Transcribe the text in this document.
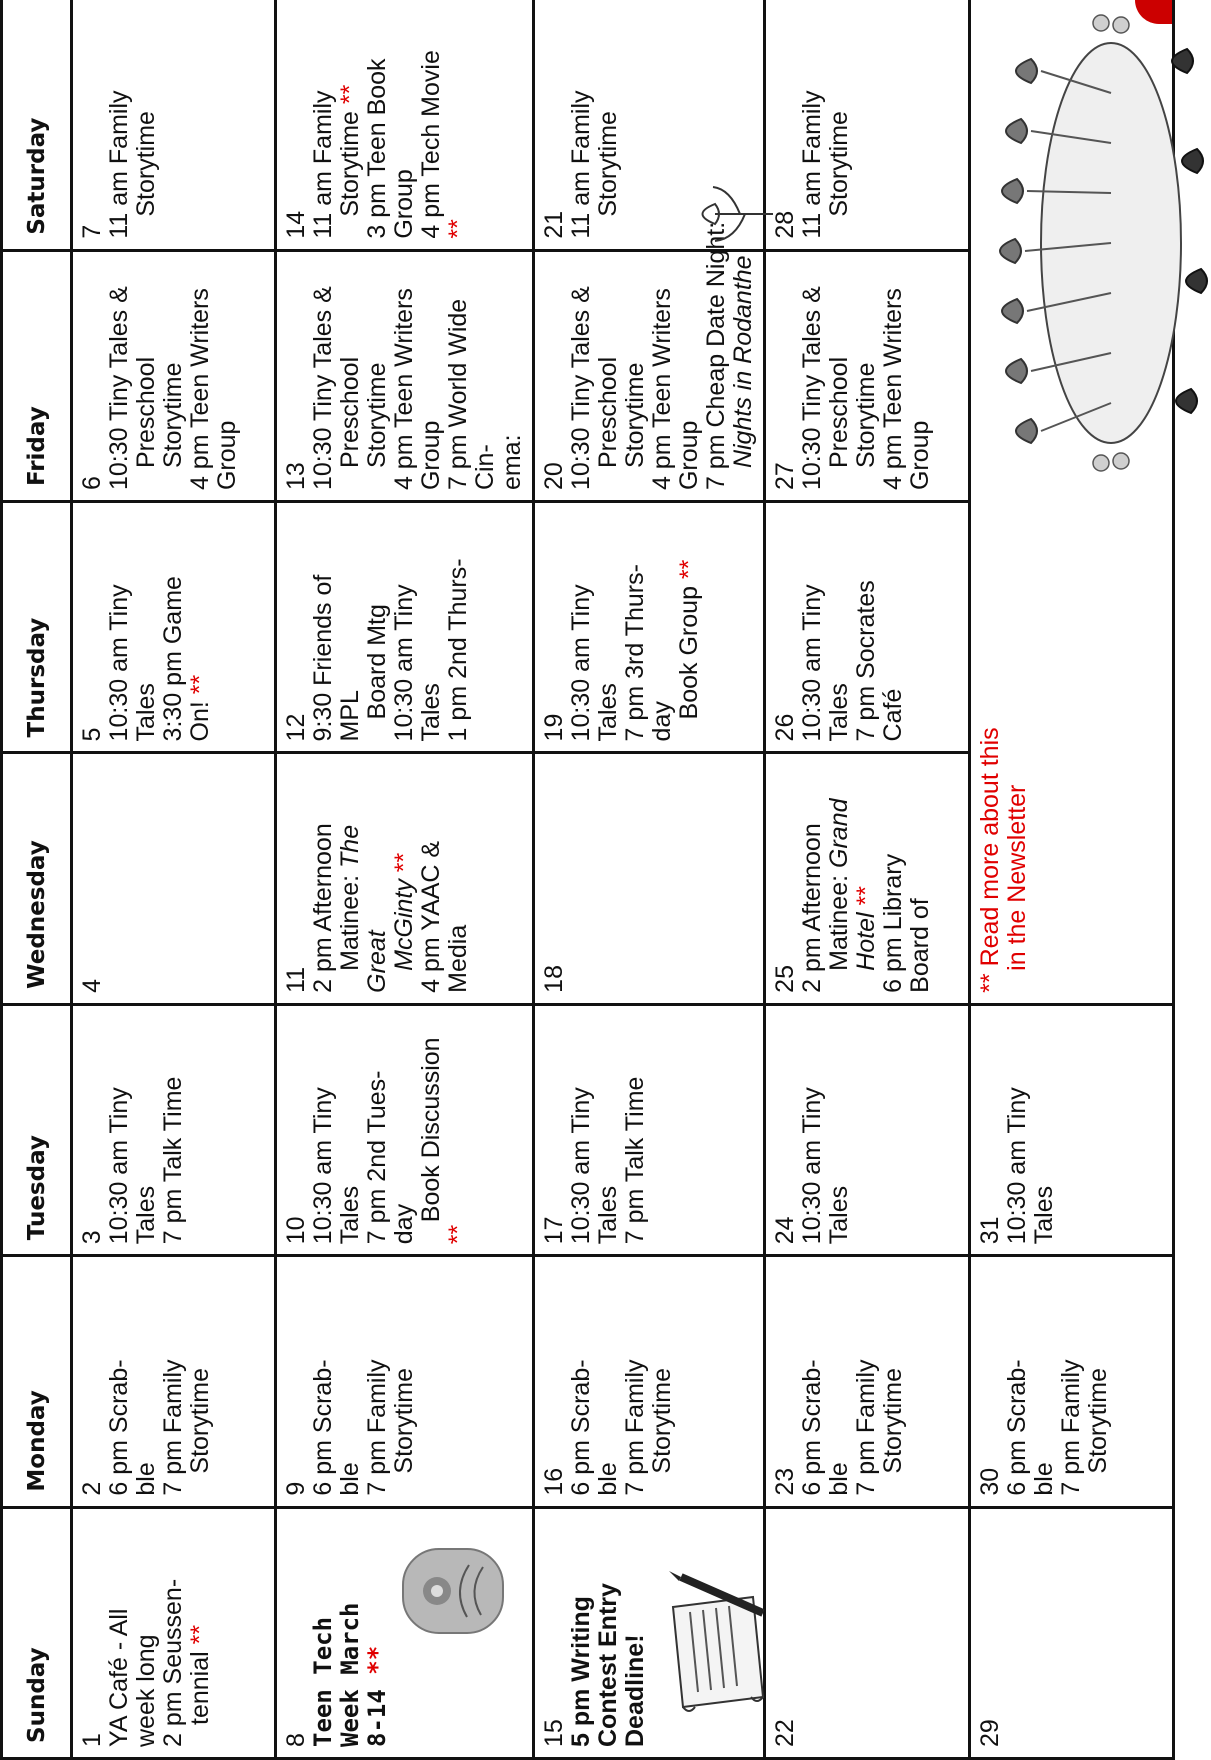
Sunday
Monday
Tuesday
Wednesday
Thursday
Friday
Saturday
1 YA Café - All week long 2 pm Seussen- tennial **
2 6 pm Scrab- ble 7 pm Family Storytime
3 10:30 am Tiny Tales 7 pm Talk Time
4
5 10:30 am Tiny Tales 3:30 pm Game On! **
6 10:30 Tiny Tales & Preschool Storytime 4 pm Teen Writers Group
7 11 am Family Storytime
8 Teen Tech Week March 8-14 **
9 6 pm Scrab- ble 7 pm Family Storytime
10 10:30 am Tiny Tales 7 pm 2nd Tues- day
Book Discussion
**
11 2 pm Afternoon Matinee: The
Great McGinty ** 4 pm YAAC & Media
12 9:30 Friends of MPL Board Mtg 10:30 am Tiny Tales 1 pm 2nd Thurs-
13 10:30 Tiny Tales & Preschool Storytime 4 pm Teen Writers Group 7 pm World Wide Cin- ema:
14 11 am Family Storytime ** 3 pm Teen Book Group 4 pm Tech Movie **
15 5 pm Writing Contest Entry Deadline!
16 6 pm Scrab- ble 7 pm Family Storytime
17 10:30 am Tiny Tales 7 pm Talk Time
18
19 10:30 am Tiny Tales 7 pm 3rd Thurs- day
Book Group **
20 10:30 Tiny Tales & Preschool Storytime 4 pm Teen Writers Group 7 pm Cheap Date Night: Nights in Rodanthe
21 11 am Family Storytime
22
23 6 pm Scrab- ble 7 pm Family Storytime
24 10:30 am Tiny Tales
25 2 pm Afternoon Matinee: Grand
Hotel ** 6 pm Library Board of
26 10:30 am Tiny Tales 7 pm Socrates Café
27 10:30 Tiny Tales & Preschool Storytime 4 pm Teen Writers Group
28 11 am Family Storytime
29
30 6 pm Scrab- ble 7 pm Family Storytime
31 10:30 am Tiny Tales
** Read more about this in the Newsletter
